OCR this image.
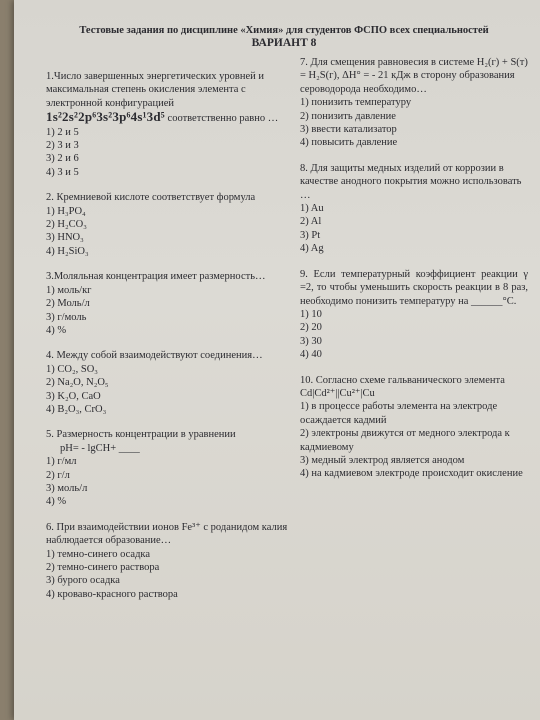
Тестовые задания по дисциплине «Химия» для студентов ФСПО всех специальностей
ВАРИАНТ 8

1.Число завершенных энергетических уровней и максимальная степень окисления элемента с электронной конфигурацией

1s²2s²2p⁶3s²3p⁶4s¹3d⁵ соответственно равно …

1) 2 и 5
2) 3 и 3
3) 2 и 6
4) 3 и 5

2. Кремниевой кислоте соответствует формула

1) H₃PO₄
2) H₂CO₃
3) HNO₃
4) H₂SiO₃

3.Моляльная концентрация имеет размерность…

1) моль/кг
2) Моль/л
3) г/моль
4) %

4. Между собой взаимодействуют соединения…

1) CO₂, SO₃
2) Na₂O, N₂O₅
3) K₂O, CaO
4) B₂O₃, CrO₃

5. Размерность концентрации в уравнении

pH= - lgCH+ ____

1) г/мл
2) г/л
3) моль/л
4) %

6. При взаимодействии ионов Fe³⁺ с роданидом калия наблюдается образование…

1) темно-синего осадка
2) темно-синего раствора
3) бурого осадка
4) кроваво-красного раствора

7. Для смещения равновесия в системе H₂(г) + S(т) = H₂S(г), ΔH° = - 21 кДж в сторону образования сероводорода необходимо…

1) понизить температуру
2) понизить давление
3) ввести катализатор
4) повысить давление

8. Для защиты медных изделий от коррозии в качестве анодного покрытия можно использовать …

1) Au
2) Al
3) Pt
4) Ag

9. Если температурный коэффициент реакции γ =2, то чтобы уменьшить скорость реакции в 8 раз, необходимо понизить температуру на ______°C.

1) 10
2) 20
3) 30
4) 40

10. Согласно схеме гальванического элемента Cd|Cd²⁺||Cu²⁺|Cu

1) в процессе работы элемента на электроде осаждается кадмий
2) электроны движутся от медного электрода к кадмиевому
3) медный электрод является анодом
4) на кадмиевом электроде происходит окисление
